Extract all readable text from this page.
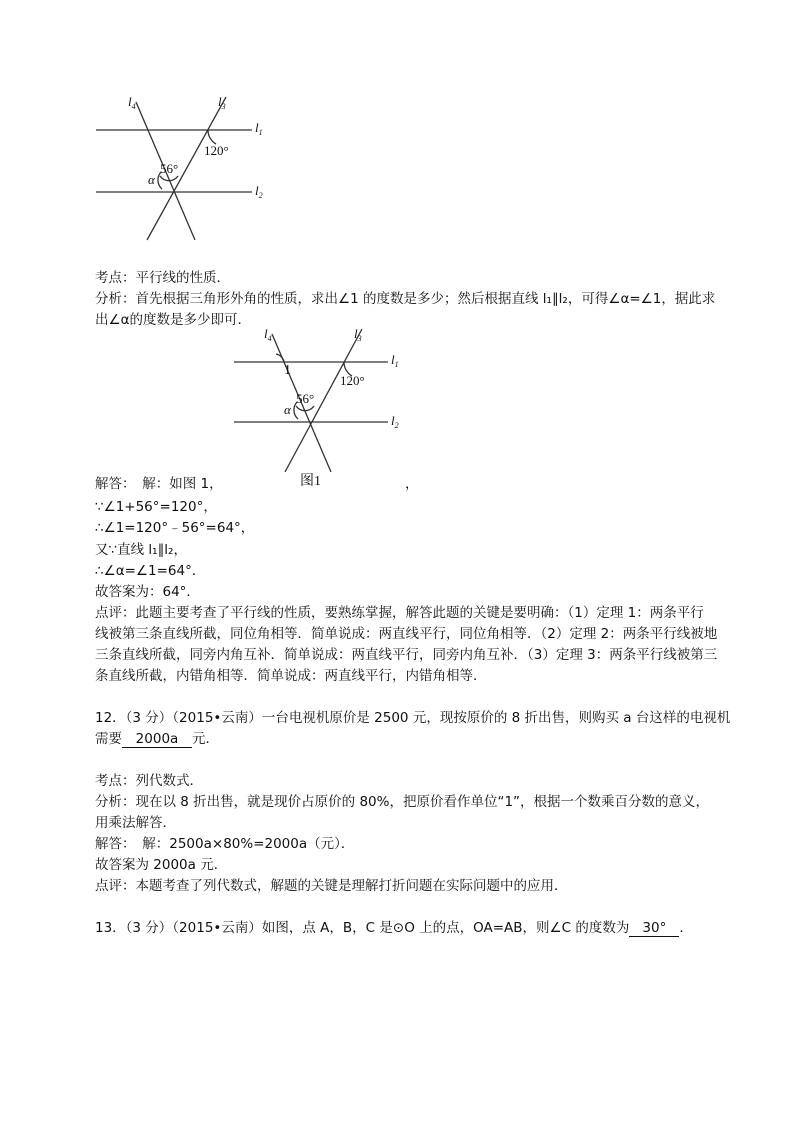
$l_4$	$l_3$
$l_1$
$l_2$
120°
56°
α
考点：平行线的性质．
分析：首先根据三角形外角的性质，求出∠1 的度数是多少；然后根据直线 l₁∥l₂，可得∠α=∠1，据此求
出∠α的度数是多少即可．
$l_4$	$l_3$
$l_1$
$l_2$
1
120°
56°
α
解答：　解：如图 1，	图1	，
∵∠1+56°=120°，
∴∠1=120°﹣56°=64°，
又∵直线 l₁∥l₂，
∴∠α=∠1=64°．
故答案为：64°．
点评：此题主要考查了平行线的性质，要熟练掌握，解答此题的关键是要明确：（1）定理 1：两条平行
线被第三条直线所截，同位角相等．简单说成：两直线平行，同位角相等．（2）定理 2：两条平行线被地
三条直线所截，同旁内角互补．简单说成：两直线平行，同旁内角互补．（3）定理 3：两条平行线被第三
条直线所截，内错角相等．简单说成：两直线平行，内错角相等．
12．（3 分）（2015•云南）一台电视机原价是 2500 元，现按原价的 8 折出售，则购买 a 台这样的电视机
需要 2000a 元．
考点：列代数式．
分析：现在以 8 折出售，就是现价占原价的 80%，把原价看作单位“1”，根据一个数乘百分数的意义，
用乘法解答．
解答：　解：2500a×80%=2000a（元）．
故答案为 2000a 元．
点评：本题考查了列代数式，解题的关键是理解打折问题在实际问题中的应用．
13．（3 分）（2015•云南）如图，点 A，B，C 是⊙O 上的点，OA=AB，则∠C 的度数为 30° ．
